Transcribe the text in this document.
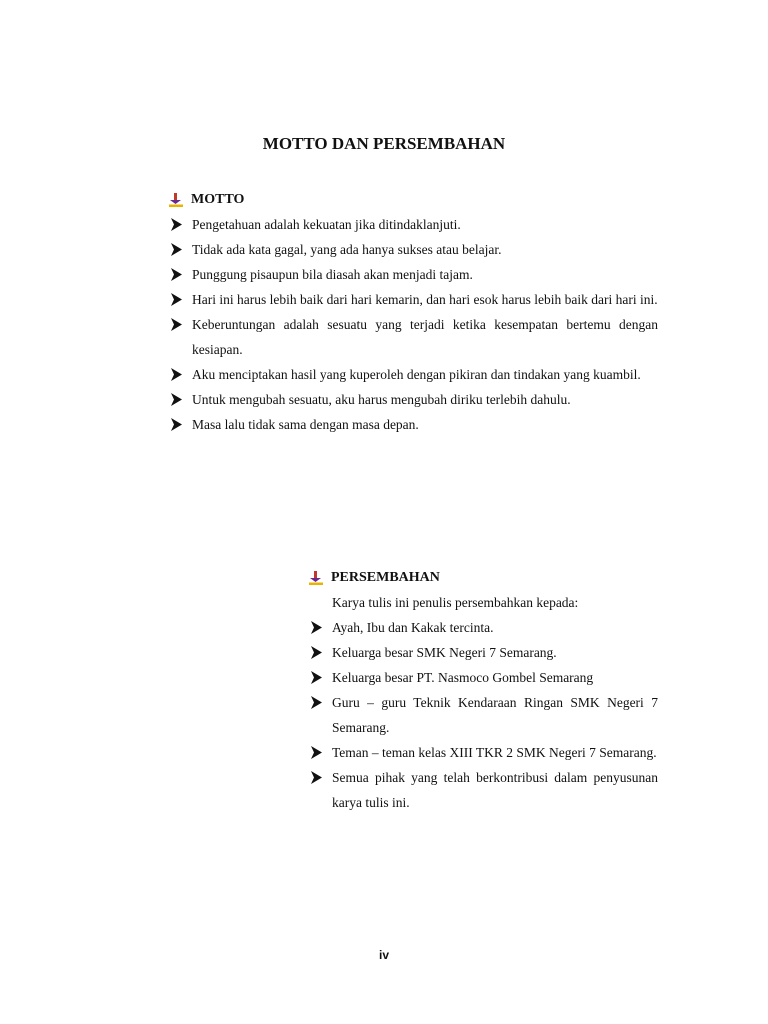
MOTTO DAN PERSEMBAHAN
MOTTO
Pengetahuan adalah kekuatan jika ditindaklanjuti.
Tidak ada kata gagal, yang ada hanya sukses atau belajar.
Punggung pisaupun bila diasah akan menjadi tajam.
Hari ini harus lebih baik dari hari kemarin, dan hari esok harus lebih baik dari hari ini.
Keberuntungan adalah sesuatu yang terjadi ketika kesempatan bertemu dengan kesiapan.
Aku menciptakan hasil yang kuperoleh dengan pikiran dan tindakan yang kuambil.
Untuk mengubah sesuatu, aku harus mengubah diriku terlebih dahulu.
Masa lalu tidak sama dengan masa depan.
PERSEMBAHAN
Karya tulis ini penulis persembahkan kepada:
Ayah, Ibu dan Kakak tercinta.
Keluarga besar SMK Negeri 7 Semarang.
Keluarga besar PT. Nasmoco Gombel Semarang
Guru – guru Teknik Kendaraan Ringan SMK Negeri 7 Semarang.
Teman – teman kelas XIII TKR 2 SMK Negeri 7 Semarang.
Semua pihak yang telah berkontribusi dalam penyusunan karya tulis ini.
iv
